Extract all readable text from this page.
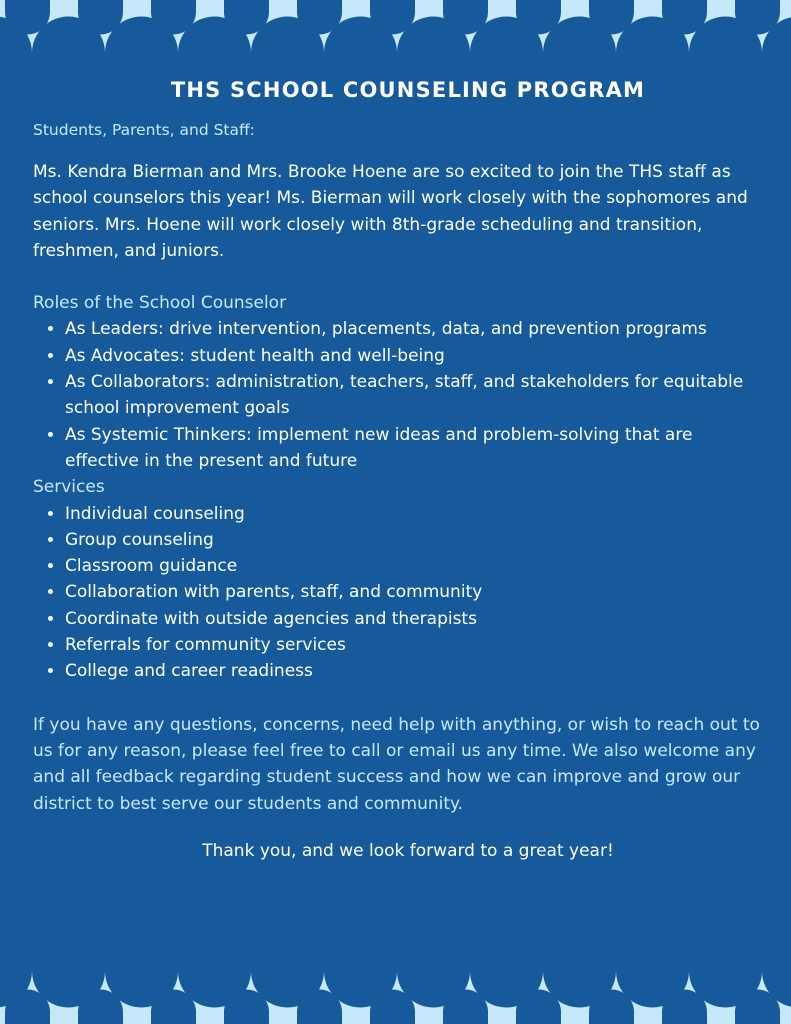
THS SCHOOL COUNSELING PROGRAM

Students, Parents, and Staff:

Ms. Kendra Bierman and Mrs. Brooke Hoene are so excited to join the THS staff as school counselors this year! Ms. Bierman will work closely with the sophomores and seniors. Mrs. Hoene will work closely with 8th-grade scheduling and transition, freshmen, and juniors.

Roles of the School Counselor

• As Leaders: drive intervention, placements, data, and prevention programs
• As Advocates: student health and well-being
• As Collaborators: administration, teachers, staff, and stakeholders for equitable school improvement goals
• As Systemic Thinkers: implement new ideas and problem-solving that are effective in the present and future

Services

• Individual counseling
• Group counseling
• Classroom guidance
• Collaboration with parents, staff, and community
• Coordinate with outside agencies and therapists
• Referrals for community services
• College and career readiness

If you have any questions, concerns, need help with anything, or wish to reach out to us for any reason, please feel free to call or email us any time. We also welcome any and all feedback regarding student success and how we can improve and grow our district to best serve our students and community.

Thank you, and we look forward to a great year!
